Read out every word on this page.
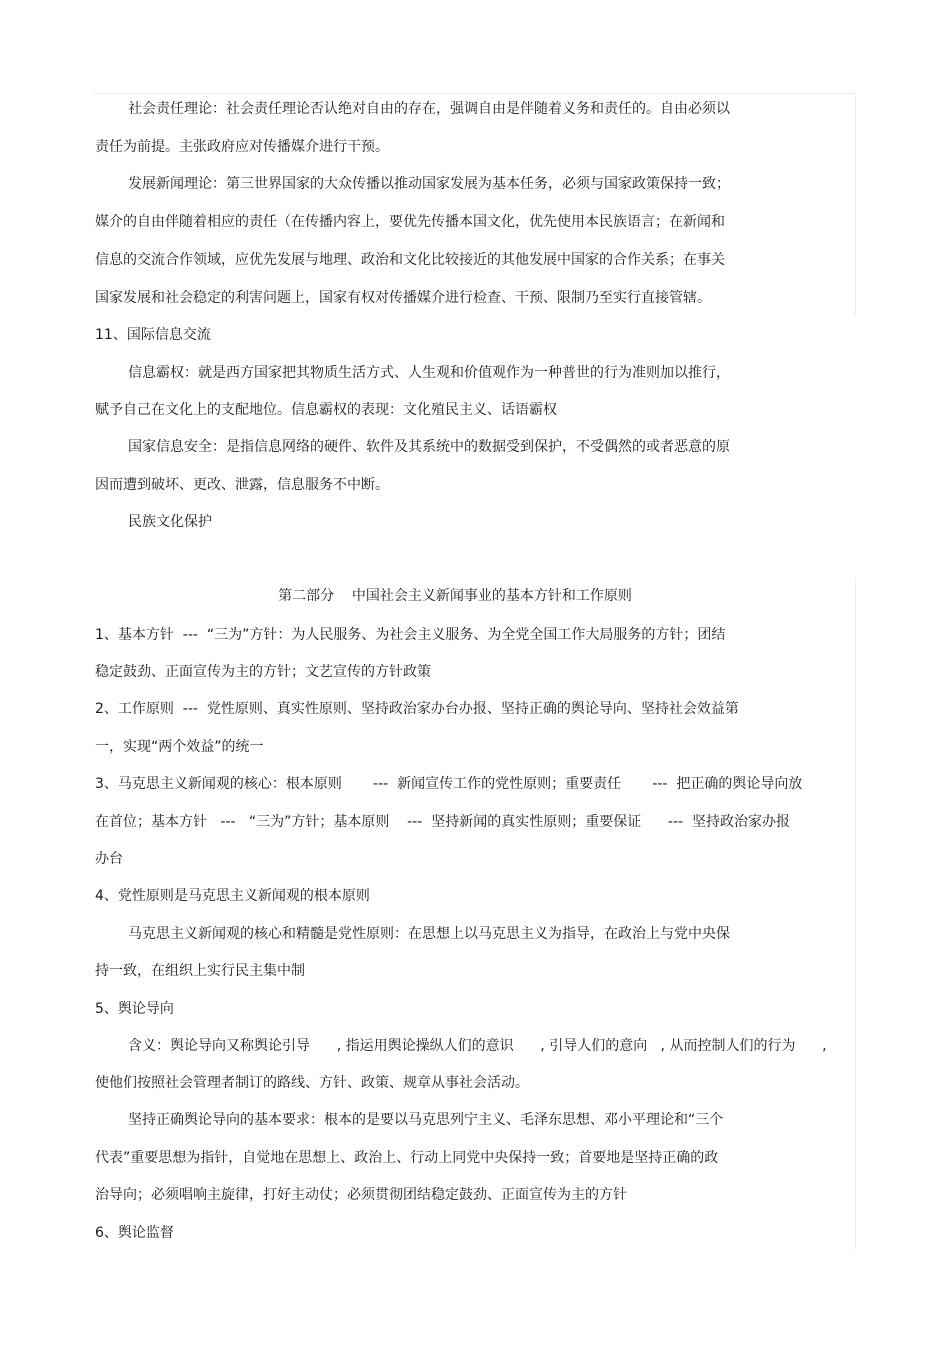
社会责任理论：社会责任理论否认绝对自由的存在，强调自由是伴随着义务和责任的。自由必须以
责任为前提。主张政府应对传播媒介进行干预。
发展新闻理论：第三世界国家的大众传播以推动国家发展为基本任务，必须与国家政策保持一致；
媒介的自由伴随着相应的责任（在传播内容上，要优先传播本国文化，优先使用本民族语言；在新闻和
信息的交流合作领域，应优先发展与地理、政治和文化比较接近的其他发展中国家的合作关系；在事关
国家发展和社会稳定的利害问题上，国家有权对传播媒介进行检查、干预、限制乃至实行直接管辖。
11、国际信息交流
信息霸权：就是西方国家把其物质生活方式、人生观和价值观作为一种普世的行为准则加以推行，
赋予自己在文化上的支配地位。信息霸权的表现：文化殖民主义、话语霸权
国家信息安全：是指信息网络的硬件、软件及其系统中的数据受到保护，不受偶然的或者恶意的原
因而遭到破坏、更改、泄露，信息服务不中断。
民族文化保护
第二部分    中国社会主义新闻事业的基本方针和工作原则
1、基本方针  ---  “三为”方针：为人民服务、为社会主义服务、为全党全国工作大局服务的方针；团结
稳定鼓劲、正面宣传为主的方针；文艺宣传的方针政策
2、工作原则  ---  党性原则、真实性原则、坚持政治家办台办报、坚持正确的舆论导向、坚持社会效益第
一，实现“两个效益”的统一
3、马克思主义新闻观的核心：根本原则       ---  新闻宣传工作的党性原则；重要责任       ---  把正确的舆论导向放
在首位；基本方针   ---   “三为”方针；基本原则    ---  坚持新闻的真实性原则；重要保证      ---  坚持政治家办报
办台
4、党性原则是马克思主义新闻观的根本原则
马克思主义新闻观的核心和精髓是党性原则：在思想上以马克思主义为指导，在政治上与党中央保
持一致，在组织上实行民主集中制
5、舆论导向
含义：舆论导向又称舆论引导      , 指运用舆论操纵人们的意识      , 引导人们的意向   , 从而控制人们的行为      ,
使他们按照社会管理者制订的路线、方针、政策、规章从事社会活动。
坚持正确舆论导向的基本要求：根本的是要以马克思列宁主义、毛泽东思想、邓小平理论和“三个
代表”重要思想为指针，自觉地在思想上、政治上、行动上同党中央保持一致；首要地是坚持正确的政
治导向；必须唱响主旋律，打好主动仗；必须贯彻团结稳定鼓劲、正面宣传为主的方针
6、舆论监督
